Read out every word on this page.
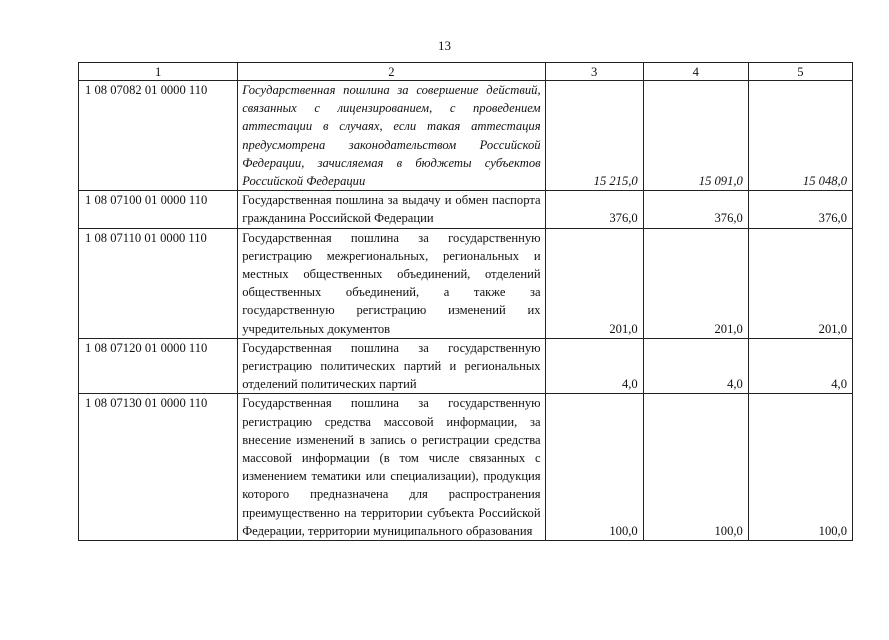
13
1	2	3	4	5
1 08 07082 01 0000 110	Государственная пошлина за совершение действий, связанных с лицензированием, с проведением аттестации в случаях, если такая аттестация предусмотрена законодательством Российской Федерации, зачисляемая в бюджеты субъектов Российской Федерации	15 215,0	15 091,0	15 048,0
1 08 07100 01 0000 110	Государственная пошлина за выдачу и обмен паспорта гражданина Российской Федерации	376,0	376,0	376,0
1 08 07110 01 0000 110	Государственная пошлина за государственную регистрацию межрегиональных, региональных и местных общественных объединений, отделений общественных объединений, а также за государственную регистрацию изменений их учредительных документов	201,0	201,0	201,0
1 08 07120 01 0000 110	Государственная пошлина за государственную регистрацию политических партий и региональных отделений политических партий	4,0	4,0	4,0
1 08 07130 01 0000 110	Государственная пошлина за государственную регистрацию средства массовой информации, за внесение изменений в запись о регистрации средства массовой информации (в том числе связанных с изменением тематики или специализации), продукция которого предназначена для распространения преимущественно на территории субъекта Российской Федерации, территории муниципального образования	100,0	100,0	100,0
